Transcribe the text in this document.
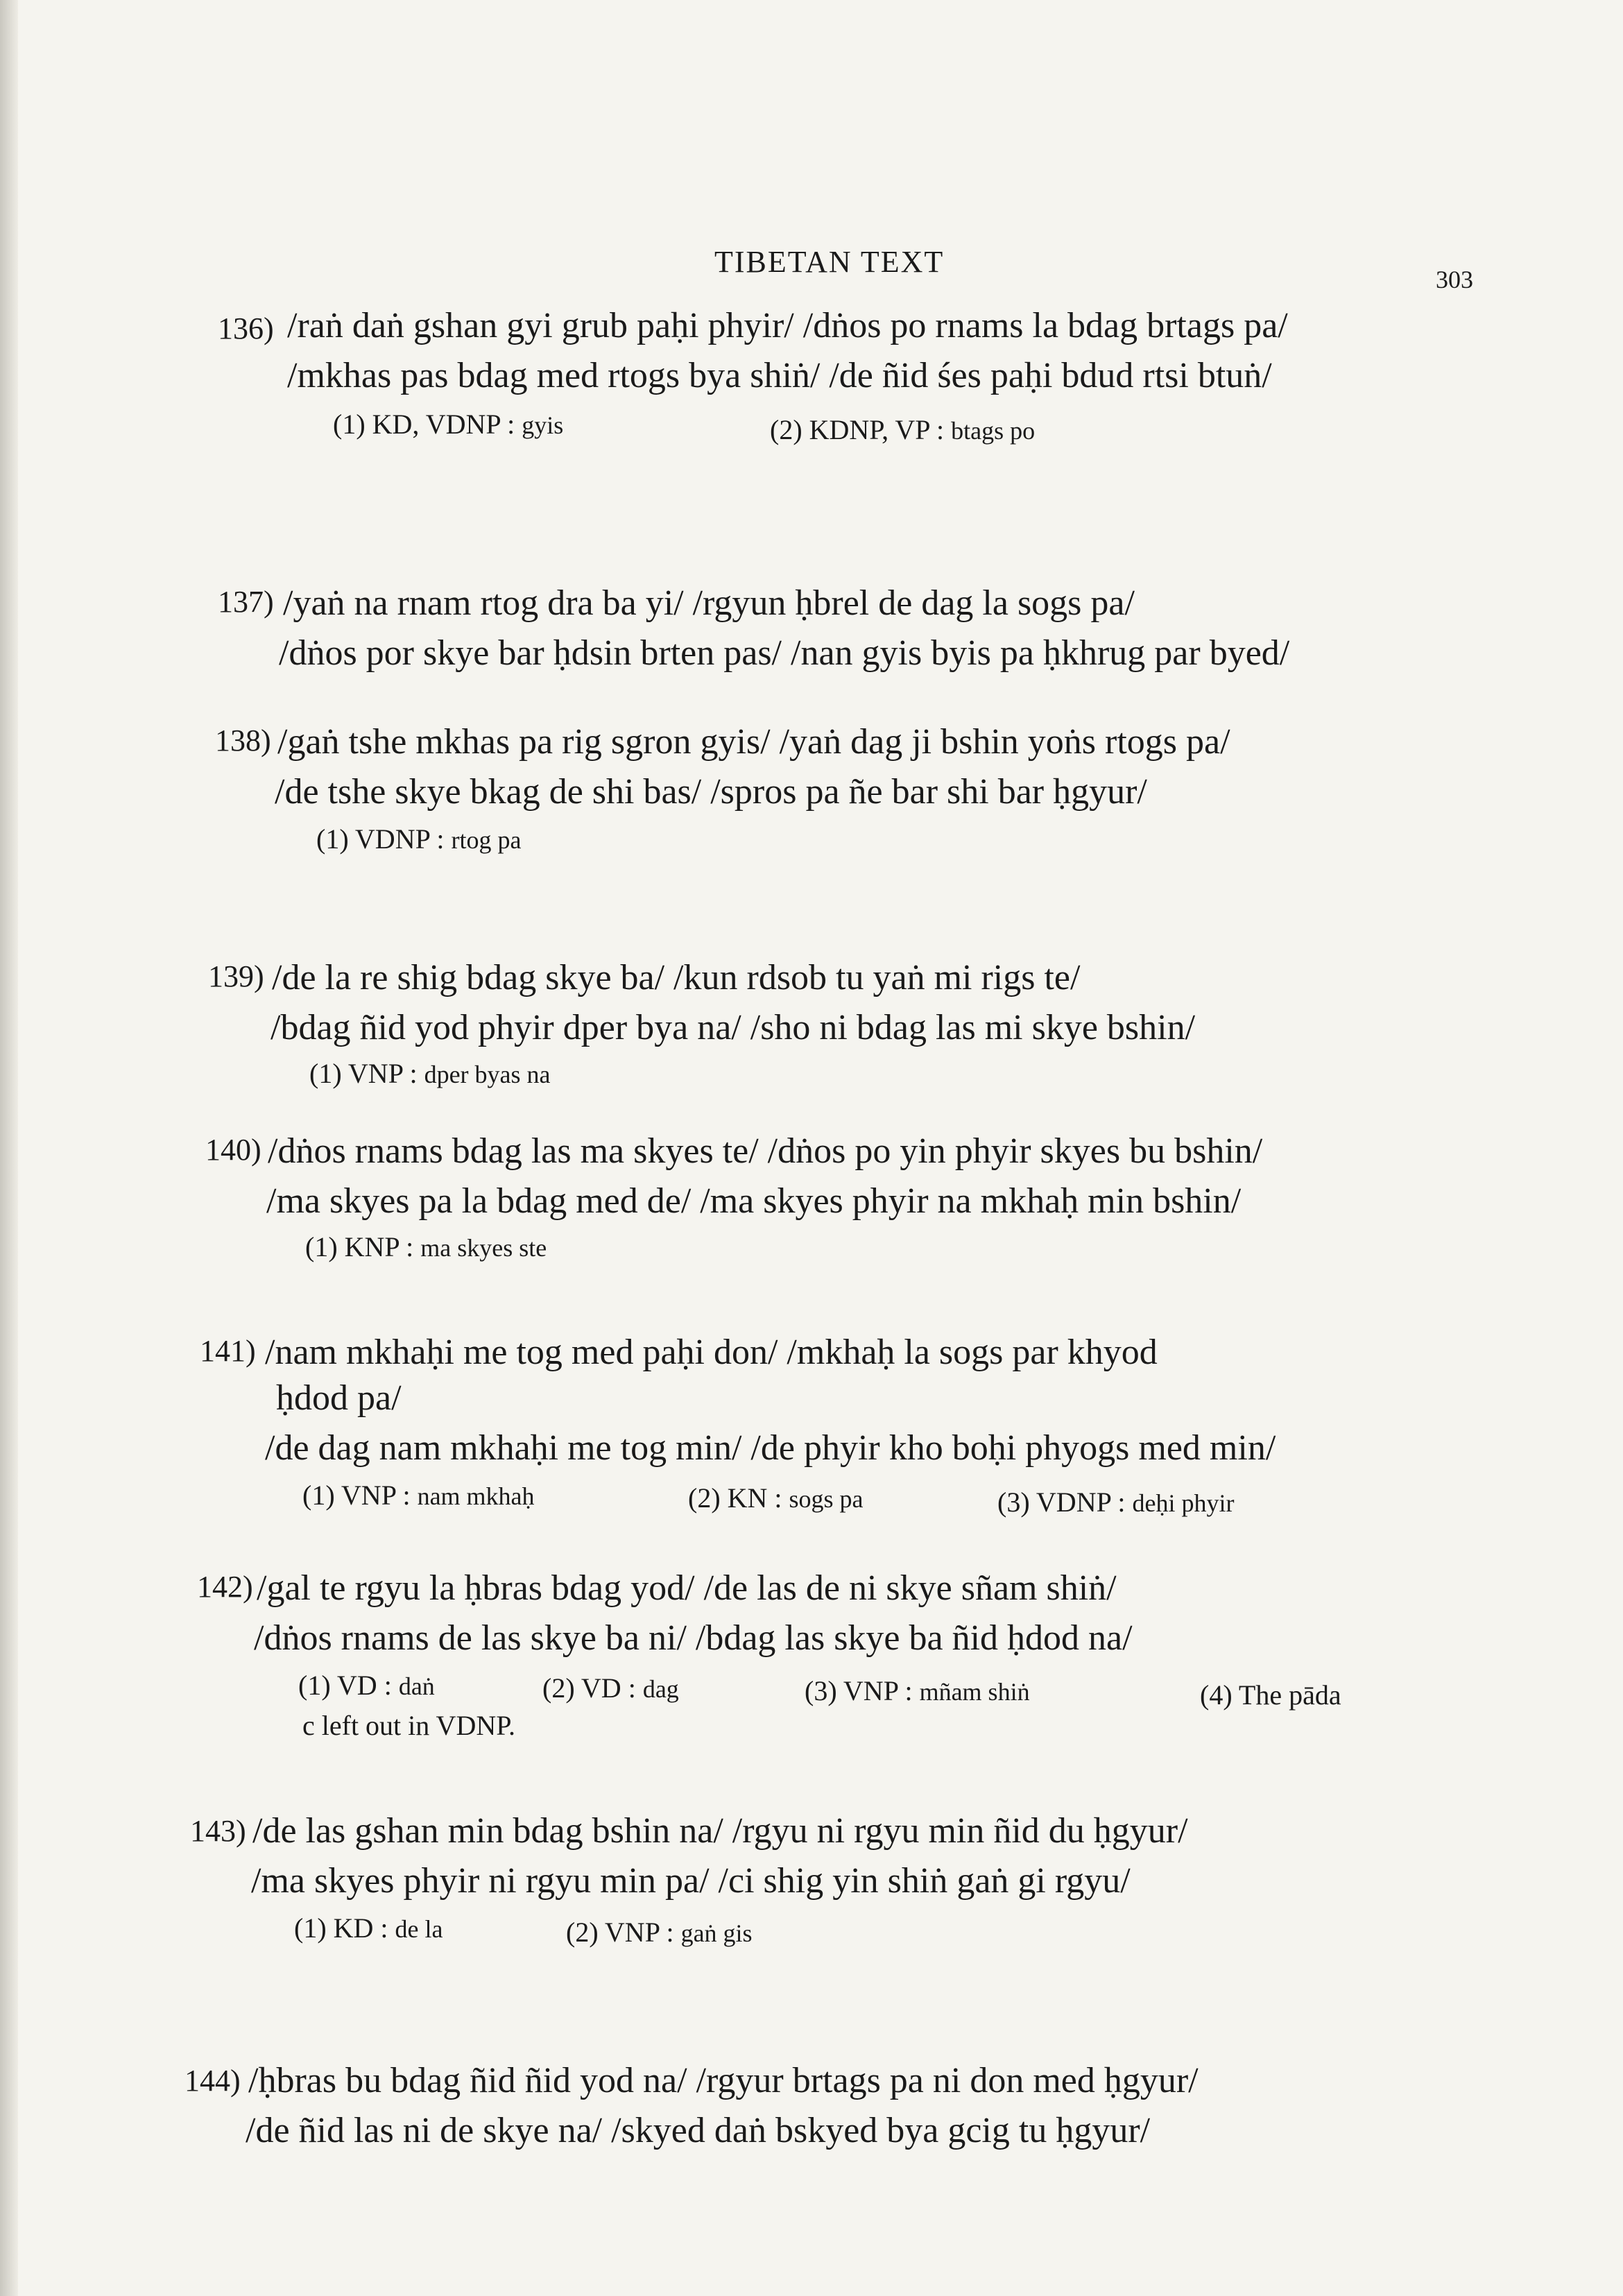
TIBETAN TEXT
303
136) /raṅ daṅ gshan gyi grub paḥi phyir/ /dṅos po rnams la bdag brtags pa/
/mkhas pas bdag med rtogs bya shiṅ/ /de ñid śes paḥi bdud rtsi btuṅ/
(1) KD, VDNP : gyis	(2) KDNP, VP : btags po
137) /yaṅ na rnam rtog dra ba yi/ /rgyun ḥbrel de dag la sogs pa/
/dṅos por skye bar ḥdsin brten pas/ /nan gyis byis pa ḥkhrug par byed/
138) /gaṅ tshe mkhas pa rig sgron gyis/ /yaṅ dag ji bshin yoṅs rtogs pa/
/de tshe skye bkag de shi bas/ /spros pa ñe bar shi bar ḥgyur/
(1) VDNP : rtog pa
139) /de la re shig bdag skye ba/ /kun rdsob tu yaṅ mi rigs te/
/bdag ñid yod phyir dper bya na/ /sho ni bdag las mi skye bshin/
(1) VNP : dper byas na
140) /dṅos rnams bdag las ma skyes te/ /dṅos po yin phyir skyes bu bshin/
/ma skyes pa la bdag med de/ /ma skyes phyir na mkhaḥ min bshin/
(1) KNP : ma skyes ste
141) /nam mkhaḥi me tog med paḥi don/ /mkhaḥ la sogs par khyod
ḥdod pa/
/de dag nam mkhaḥi me tog min/ /de phyir kho boḥi phyogs med min/
(1) VNP : nam mkhaḥ	(2) KN : sogs pa	(3) VDNP : deḥi phyir
142) /gal te rgyu la ḥbras bdag yod/ /de las de ni skye sñam shiṅ/
/dṅos rnams de las skye ba ni/ /bdag las skye ba ñid ḥdod na/
(1) VD : daṅ	(2) VD : dag	(3) VNP : mñam shiṅ	(4) The pāda
c left out in VDNP.
143) /de las gshan min bdag bshin na/ /rgyu ni rgyu min ñid du ḥgyur/
/ma skyes phyir ni rgyu min pa/ /ci shig yin shiṅ gaṅ gi rgyu/
(1) KD : de la	(2) VNP : gaṅ gis
144) /ḥbras bu bdag ñid ñid yod na/ /rgyur brtags pa ni don med ḥgyur/
/de ñid las ni de skye na/ /skyed daṅ bskyed bya gcig tu ḥgyur/
